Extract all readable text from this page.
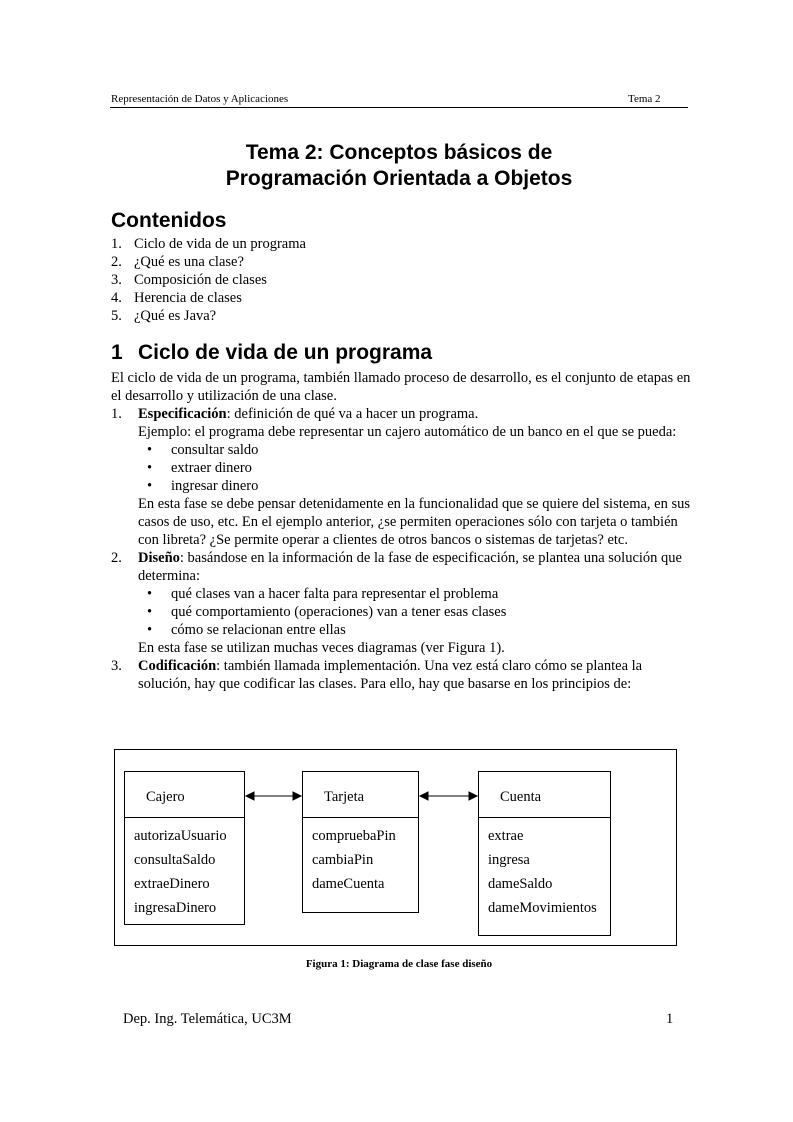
Representación de Datos y Aplicaciones	Tema 2
Tema 2: Conceptos básicos de
Programación Orientada a Objetos
Contenidos
1. Ciclo de vida de un programa
2. ¿Qué es una clase?
3. Composición de clases
4. Herencia de clases
5. ¿Qué es Java?
1 Ciclo de vida de un programa

El ciclo de vida de un programa, también llamado proceso de desarrollo, es el conjunto de etapas en el desarrollo y utilización de una clase.

1. Especificación: definición de qué va a hacer un programa.
Ejemplo: el programa debe representar un cajero automático de un banco en el que se pueda:
• consultar saldo
• extraer dinero
• ingresar dinero
En esta fase se debe pensar detenidamente en la funcionalidad que se quiere del sistema, en sus casos de uso, etc. En el ejemplo anterior, ¿se permiten operaciones sólo con tarjeta o también con libreta? ¿Se permite operar a clientes de otros bancos o sistemas de tarjetas? etc.
2. Diseño: basándose en la información de la fase de especificación, se plantea una solución que determina:
• qué clases van a hacer falta para representar el problema
• qué comportamiento (operaciones) van a tener esas clases
• cómo se relacionan entre ellas
En esta fase se utilizan muchas veces diagramas (ver Figura 1).
3. Codificación: también llamada implementación. Una vez está claro cómo se plantea la solución, hay que codificar las clases. Para ello, hay que basarse en los principios de:
Cajero
autorizaUsuario
consultaSaldo
extraeDinero
ingresaDinero
Tarjeta
compruebaPin
cambiaPin
dameCuenta
Cuenta
extrae
ingresa
dameSaldo
dameMovimientos
Figura 1: Diagrama de clase fase diseño
Dep. Ing. Telemática, UC3M	1
